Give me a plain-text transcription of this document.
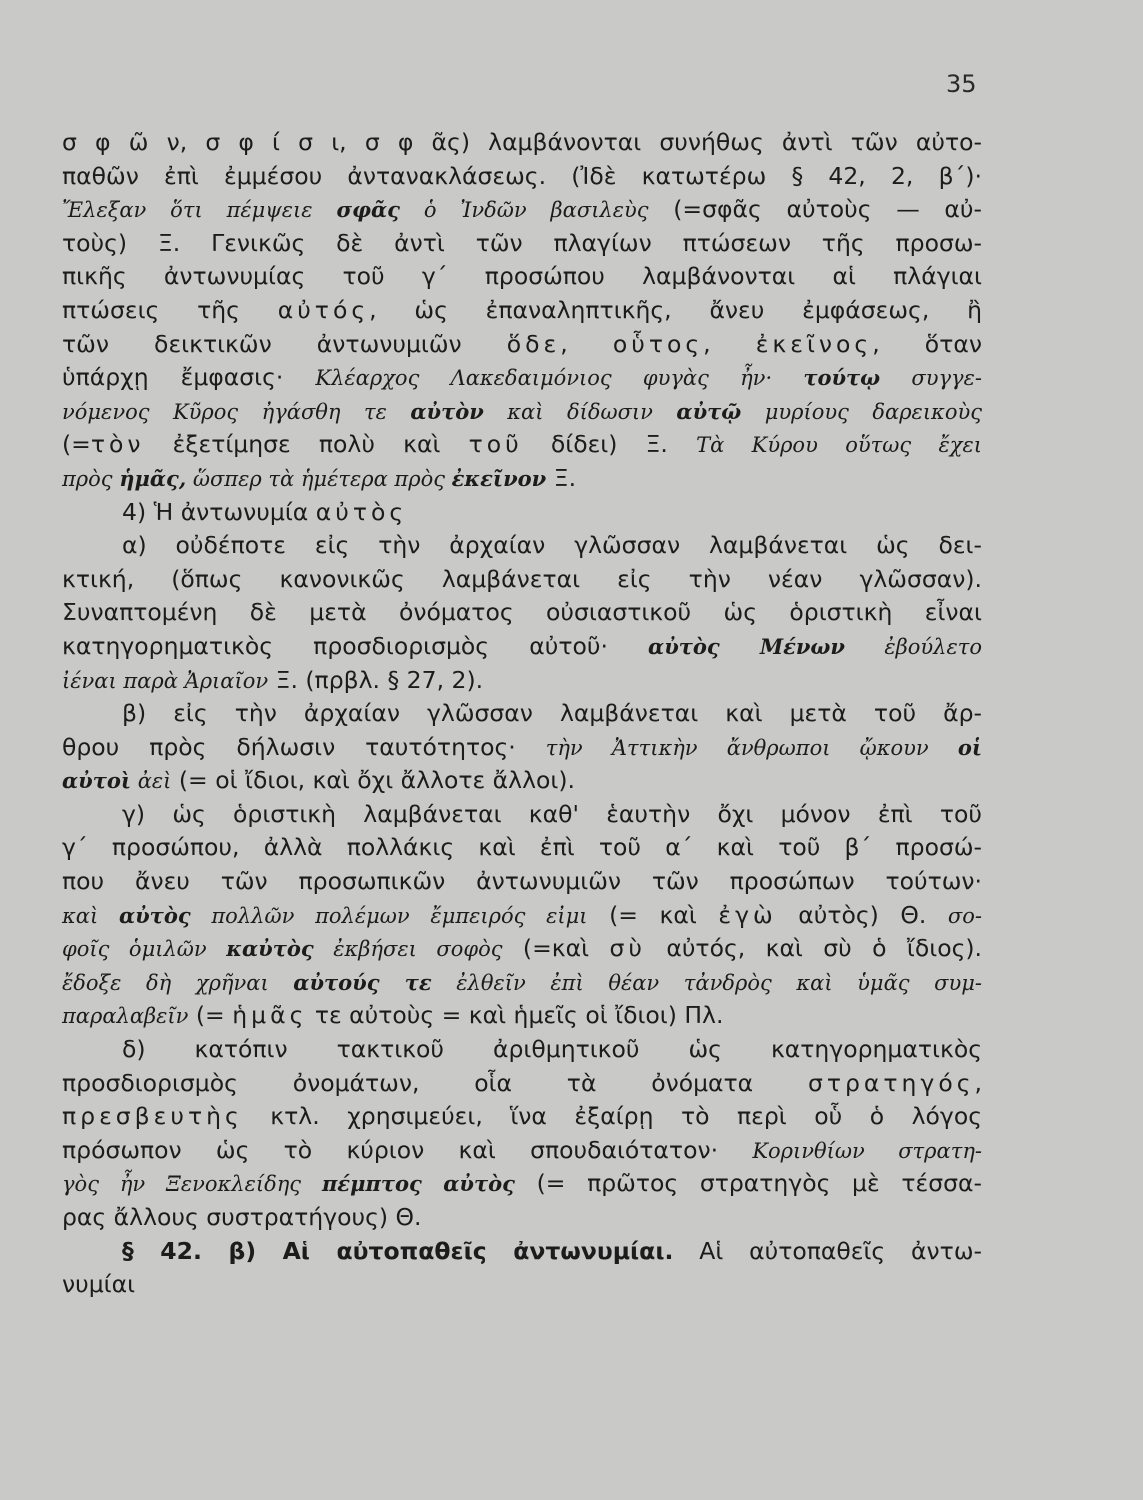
35
σ φ ῶ ν, σ φ ί σ ι, σ φ ᾶς) λαμβάνονται συνήθως ἀντὶ τῶν αὐτο-
παθῶν ἐπὶ ἐμμέσου ἀντανακλάσεως. (Ἰδὲ κατωτέρω § 42, 2, β΄)·
Ἔλεξαν ὅτι πέμψειε σφᾶς ὁ Ἰνδῶν βασιλεὺς (=σφᾶς αὐτοὺς — αὐ-
τοὺς) Ξ. Γενικῶς δὲ ἀντὶ τῶν πλαγίων πτώσεων τῆς προσω-
πικῆς ἀντωνυμίας τοῦ γ΄ προσώπου λαμβάνονται αἱ πλάγιαι
πτώσεις τῆς αὐτός, ὡς ἐπαναληπτικῆς, ἄνευ ἐμφάσεως, ἢ
τῶν δεικτικῶν ἀντωνυμιῶν ὅδε, οὗτος, ἐκεῖνος, ὅταν
ὑπάρχῃ ἔμφασις· Κλέαρχος Λακεδαιμόνιος φυγὰς ἦν· τούτῳ συγγε-
νόμενος Κῦρος ἠγάσθη τε αὐτὸν καὶ δίδωσιν αὐτῷ μυρίους δαρεικοὺς
(=τὸν ἐξετίμησε πολὺ καὶ τοῦ δίδει) Ξ. Τὰ Κύρου οὕτως ἔχει
πρὸς ἡμᾶς, ὥσπερ τὰ ἡμέτερα πρὸς ἐκεῖνον Ξ.
4) Ἡ ἀντωνυμία αὐτὸς
α) οὐδέποτε εἰς τὴν ἀρχαίαν γλῶσσαν λαμβάνεται ὡς δει-
κτική, (ὅπως κανονικῶς λαμβάνεται εἰς τὴν νέαν γλῶσσαν).
Συναπτομένη δὲ μετὰ ὀνόματος οὐσιαστικοῦ ὡς ὁριστικὴ εἶναι
κατηγορηματικὸς προσδιορισμὸς αὐτοῦ· αὐτὸς Μένων ἐβούλετο
ἰέναι παρὰ Ἀριαῖον Ξ. (πρβλ. § 27, 2).
β) εἰς τὴν ἀρχαίαν γλῶσσαν λαμβάνεται καὶ μετὰ τοῦ ἄρ-
θρου πρὸς δήλωσιν ταυτότητος· τὴν Ἀττικὴν ἄνθρωποι ᾤκουν οἱ
αὐτοὶ ἀεὶ (= οἱ ἴδιοι, καὶ ὄχι ἄλλοτε ἄλλοι).
γ) ὡς ὁριστικὴ λαμβάνεται καθ' ἑαυτὴν ὄχι μόνον ἐπὶ τοῦ
γ΄ προσώπου, ἀλλὰ πολλάκις καὶ ἐπὶ τοῦ α΄ καὶ τοῦ β΄ προσώ-
που ἄνευ τῶν προσωπικῶν ἀντωνυμιῶν τῶν προσώπων τούτων·
καὶ αὐτὸς πολλῶν πολέμων ἔμπειρός εἰμι (= καὶ ἐγὼ αὐτὸς) Θ. σο-
φοῖς ὁμιλῶν καὐτὸς ἐκβήσει σοφὸς (=καὶ σὺ αὐτός, καὶ σὺ ὁ ἴδιος).
ἔδοξε δὴ χρῆναι αὐτούς τε ἐλθεῖν ἐπὶ θέαν τἀνδρὸς καὶ ὑμᾶς συμ-
παραλαβεῖν (= ἡμᾶς τε αὐτοὺς = καὶ ἡμεῖς οἱ ἴδιοι) Πλ.
δ) κατόπιν τακτικοῦ ἀριθμητικοῦ ὡς κατηγορηματικὸς
προσδιορισμὸς ὀνομάτων, οἷα τὰ ὀνόματα στρατηγός,
πρεσβευτὴς κτλ. χρησιμεύει, ἵνα ἐξαίρῃ τὸ περὶ οὗ ὁ λόγος
πρόσωπον ὡς τὸ κύριον καὶ σπουδαιότατον· Κορινθίων στρατη-
γὸς ἦν Ξενοκλείδης πέμπτος αὐτὸς (= πρῶτος στρατηγὸς μὲ τέσσα-
ρας ἄλλους συστρατήγους) Θ.
§ 42. β) Αἱ αὐτοπαθεῖς ἀντωνυμίαι. Αἱ αὐτοπαθεῖς ἀντω-
νυμίαι
